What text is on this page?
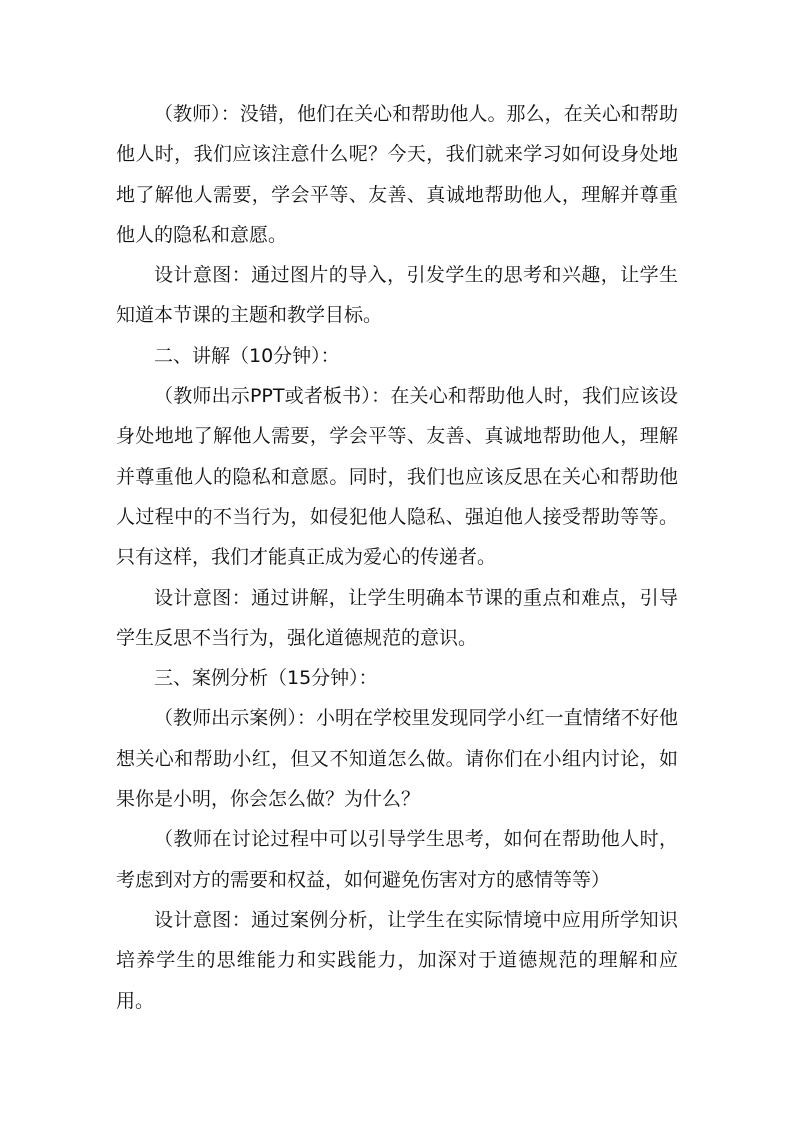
（教师）：没错，他们在关心和帮助他人。那么，在关心和帮助他人时，我们应该注意什么呢？今天，我们就来学习如何设身处地地了解他人需要，学会平等、友善、真诚地帮助他人，理解并尊重他人的隐私和意愿。

设计意图：通过图片的导入，引发学生的思考和兴趣，让学生知道本节课的主题和教学目标。

二、讲解（10分钟）：

（教师出示PPT或者板书）：在关心和帮助他人时，我们应该设身处地地了解他人需要，学会平等、友善、真诚地帮助他人，理解并尊重他人的隐私和意愿。同时，我们也应该反思在关心和帮助他人过程中的不当行为，如侵犯他人隐私、强迫他人接受帮助等等。只有这样，我们才能真正成为爱心的传递者。

设计意图：通过讲解，让学生明确本节课的重点和难点，引导学生反思不当行为，强化道德规范的意识。

三、案例分析（15分钟）：

（教师出示案例）：小明在学校里发现同学小红一直情绪不好他想关心和帮助小红，但又不知道怎么做。请你们在小组内讨论，如果你是小明，你会怎么做？为什么？

（教师在讨论过程中可以引导学生思考，如何在帮助他人时，考虑到对方的需要和权益，如何避免伤害对方的感情等等）

设计意图：通过案例分析，让学生在实际情境中应用所学知识培养学生的思维能力和实践能力，加深对于道德规范的理解和应用。
